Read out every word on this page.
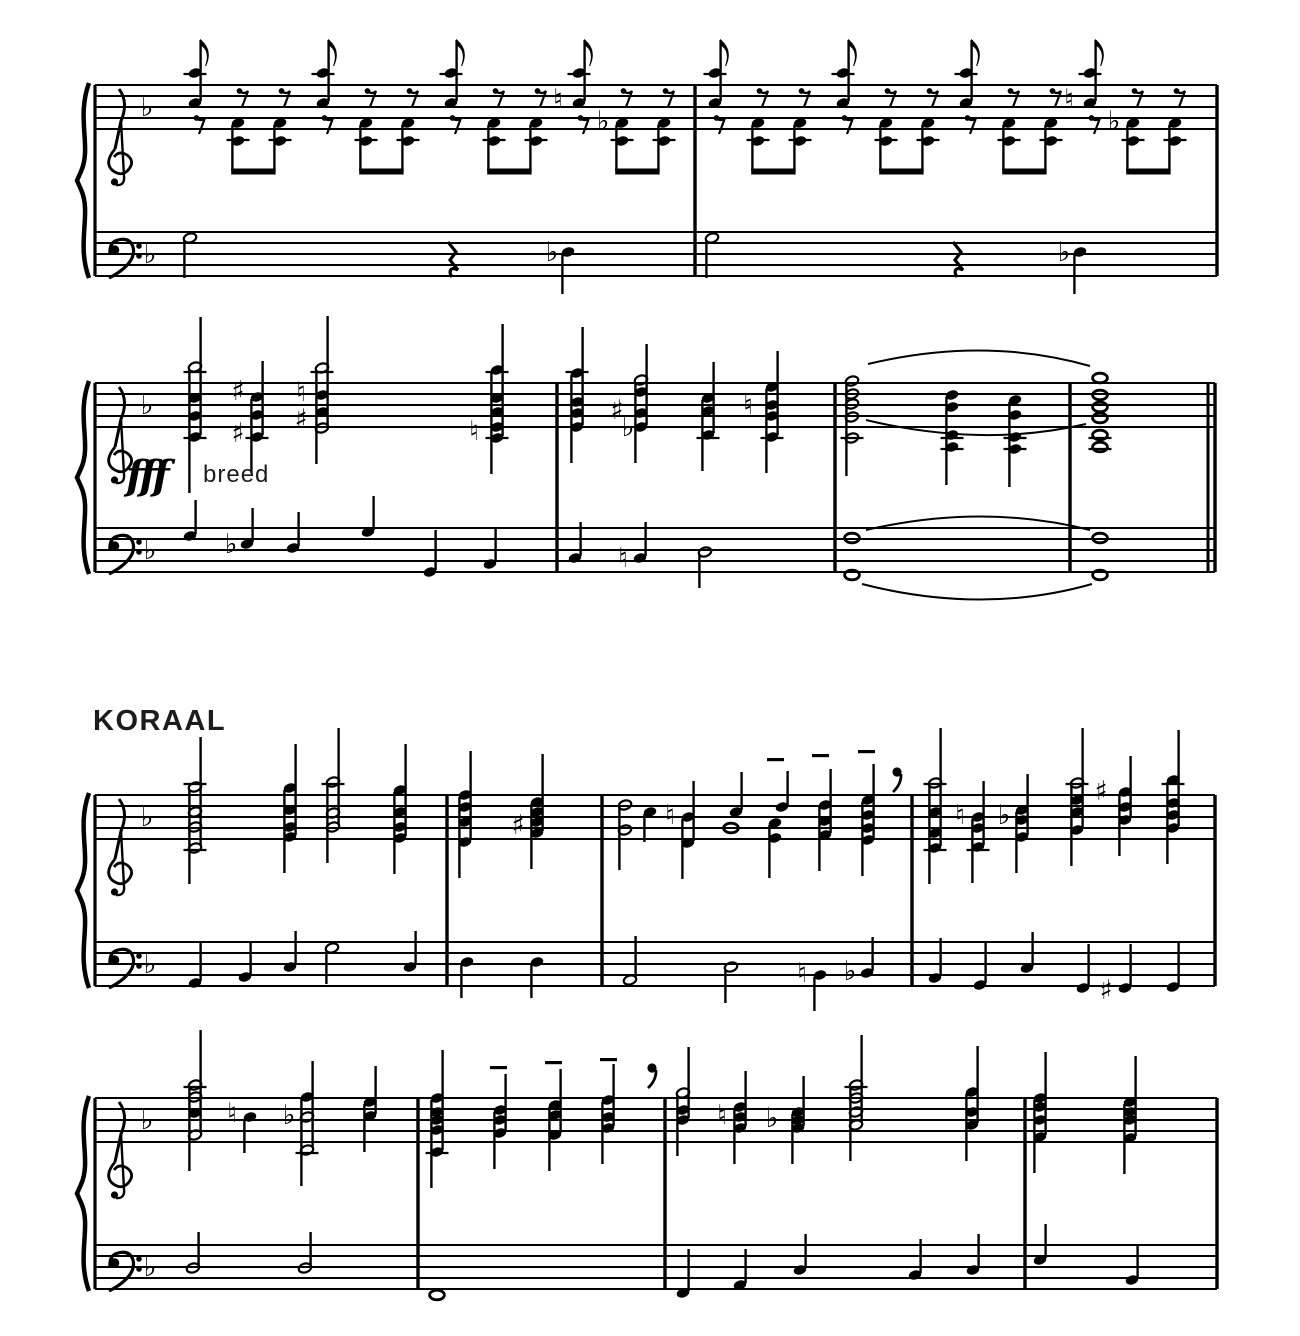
♭
♭
♮
♭
♮
♭
♭	♭
♭
♭
♯
♯
♮
♯	♮
♯
♭
♮
♭	♮
♭
♭
♯	♮	♮ ♭
♯
♮ ♭
♯
♭
♭
♮ ♭	♮ ♭
KORAAL
fff breed
